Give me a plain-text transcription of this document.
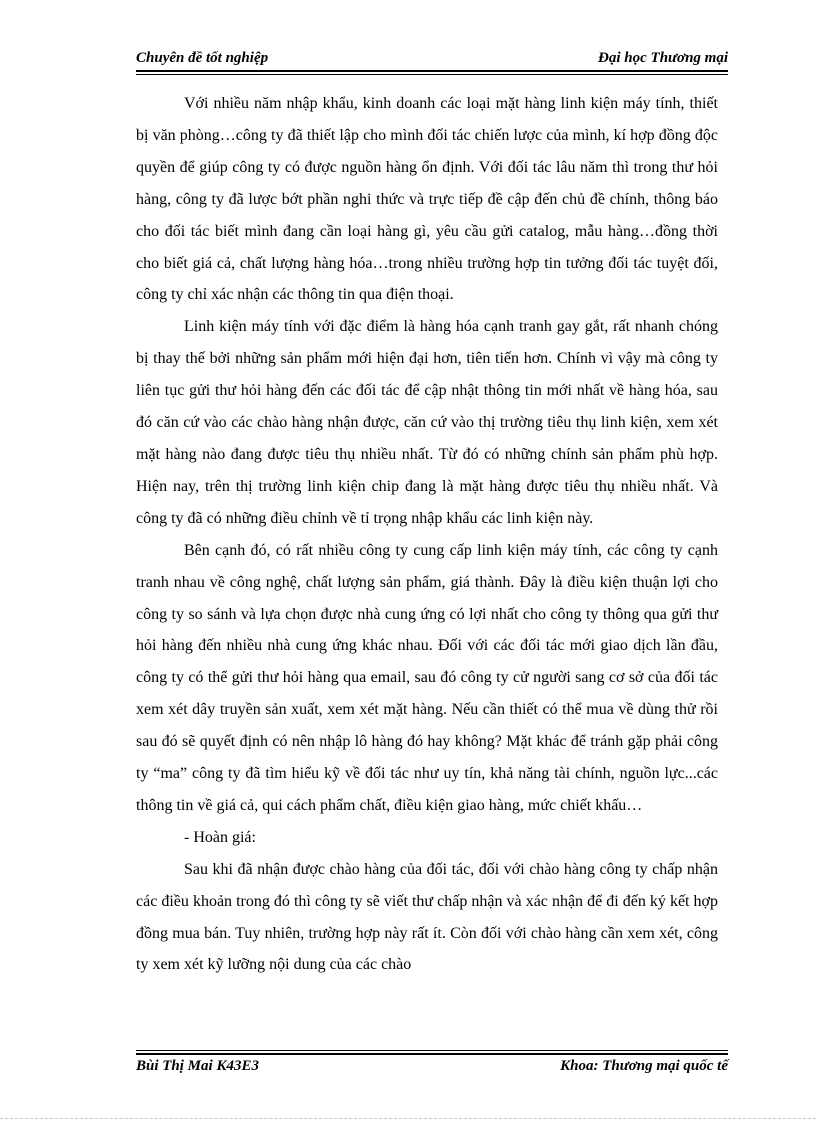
Chuyên đề tốt nghiệp	Đại học Thương mại

Với nhiều năm nhập khẩu, kinh doanh các loại mặt hàng linh kiện máy tính, thiết bị văn phòng…công ty đã thiết lập cho mình đối tác chiến lược của mình, kí hợp đồng độc quyền để giúp công ty có được nguồn hàng ổn định. Với đối tác lâu năm thì trong thư hỏi hàng, công ty đã lược bớt phần nghi thức và trực tiếp đề cập đến chủ đề chính, thông báo cho đối tác biết mình đang cần loại hàng gì, yêu cầu gửi catalog, mẫu hàng…đồng thời cho biết giá cả, chất lượng hàng hóa…trong nhiều trường hợp tin tưởng đối tác tuyệt đối, công ty chỉ xác nhận các thông tin qua điện thoại.

Linh kiện máy tính với đặc điểm là hàng hóa cạnh tranh gay gắt, rất nhanh chóng bị thay thế bởi những sản phẩm mới hiện đại hơn, tiên tiến hơn. Chính vì vậy mà công ty liên tục gửi thư hỏi hàng đến các đối tác để cập nhật thông tin mới nhất về hàng hóa, sau đó căn cứ vào các chào hàng nhận được, căn cứ vào thị trường tiêu thụ linh kiện, xem xét mặt hàng nào đang được tiêu thụ nhiều nhất. Từ đó có những chính sản phẩm phù hợp. Hiện nay, trên thị trường linh kiện chip đang là mặt hàng được tiêu thụ nhiều nhất. Và công ty đã có những điều chỉnh về tỉ trọng nhập khẩu các linh kiện này.

Bên cạnh đó, có rất nhiều công ty cung cấp linh kiện máy tính, các công ty cạnh tranh nhau về công nghệ, chất lượng sản phẩm, giá thành. Đây là điều kiện thuận lợi cho công ty so sánh và lựa chọn được nhà cung ứng có lợi nhất cho công ty thông qua gửi thư hỏi hàng đến nhiều nhà cung ứng khác nhau. Đối với các đối tác mới giao dịch lần đầu, công ty có thể gửi thư hỏi hàng qua email, sau đó công ty cử người sang cơ sở của đối tác xem xét dây truyền sản xuất, xem xét mặt hàng. Nếu cần thiết có thể mua về dùng thử rồi sau đó sẽ quyết định có nên nhập lô hàng đó hay không? Mặt khác để tránh gặp phải công ty “ma” công ty đã tìm hiểu kỹ về đối tác như uy tín, khả năng tài chính, nguồn lực...các thông tin về giá cả, qui cách phẩm chất, điều kiện giao hàng, mức chiết khấu…

- Hoàn giá:

Sau khi đã nhận được chào hàng của đối tác, đối với chào hàng công ty chấp nhận các điều khoản trong đó thì công ty sẽ viết thư chấp nhận và xác nhận để đi đến ký kết hợp đồng mua bán. Tuy nhiên, trường hợp này rất ít. Còn đối với chào hàng cần xem xét, công ty xem xét kỹ lưỡng nội dung của các chào

Bùi Thị Mai K43E3	Khoa: Thương mại quốc tế
